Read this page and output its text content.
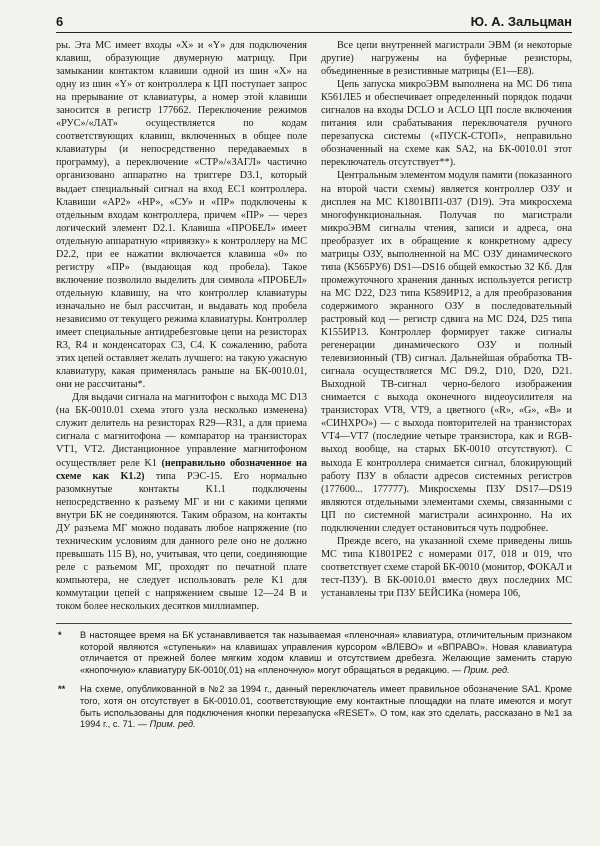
6	Ю. А. Зальцман

ры. Эта МС имеет входы «X» и «Y» для подключения клавиш, образующие двумерную матрицу. При замыкании контактом клавиши одной из шин «X» на одну из шин «Y» от контроллера к ЦП поступает запрос на прерывание от клавиатуры, а номер этой клавиши заносится в регистр 177662. Переключение режимов «РУС»/«ЛАТ» осуществляется по кодам соответствующих клавиш, включенных в общее поле клавиатуры (и непосредственно передаваемых в программу), а переключение «СТР»/«ЗАГЛ» частично организовано аппаратно на триггере D3.1, который выдает специальный сигнал на вход ЕС1 контроллера. Клавиши «АР2» «НР», «СУ» и «ПР» подключены к отдельным входам контроллера, причем «ПР» — через логический элемент D2.1. Клавиша «ПРОБЕЛ» имеет отдельную аппаратную «привязку» к контроллеру на МС D2.2, при ее нажатии включается клавиша «0» по регистру «ПР» (выдающая код пробела). Такое включение позволило выделить для символа «ПРОБЕЛ» отдельную клавишу, на что контроллер клавиатуры изначально не был рассчитан, и выдавать код пробела независимо от текущего режима клавиатуры. Контроллер имеет специальные антидребезговые цепи на резисторах R3, R4 и конденсаторах C3, C4. К сожалению, работа этих цепей оставляет желать лучшего: на такую ужасную клавиатуру, какая применялась раньше на БК-0010.01, они не рассчитаны*.

Для выдачи сигнала на магнитофон с выхода МС D13 (на БК-0010.01 схема этого узла несколько изменена) служит делитель на резисторах R29—R31, а для приема сигнала с магнитофона — компаратор на транзисторах VT1, VT2. Дистанционное управление магнитофоном осуществляет реле K1 (неправильно обозначенное на схеме как K1.2) типа РЭС-15. Его нормально разомкнутые контакты K1.1 подключены непосредственно к разъему МГ и ни с какими цепями внутри БК не соединяются. Таким образом, на контакты ДУ разъема МГ можно подавать любое напряжение (по техническим условиям для данного реле оно не должно превышать 115 В), но, учитывая, что цепи, соединяющие реле с разъемом МГ, проходят по печатной плате компьютера, не следует использовать реле K1 для коммутации цепей с напряжением свыше 12—24 В и током более нескольких десятков миллиампер.

Все цепи внутренней магистрали ЭВМ (и некоторые другие) нагружены на буферные резисторы, объединенные в резистивные матрицы (E1—E8).

Цепь запуска микроЭВМ выполнена на МС D6 типа К561ЛЕ5 и обеспечивает определенный порядок подачи сигналов на входы DCLO и ACLO ЦП после включения питания или срабатывания переключателя ручного перезапуска системы («ПУСК-СТОП», неправильно обозначенный на схеме как SA2, на БК-0010.01 этот переключатель отсутствует**).

Центральным элементом модуля памяти (показанного на второй части схемы) является контроллер ОЗУ и дисплея на МС К1801ВП1-037 (D19). Эта микросхема многофункциональная. Получая по магистрали микроЭВМ сигналы чтения, записи и адреса, она преобразует их в обращение к конкретному адресу матрицы ОЗУ, выполненной на МС ОЗУ динамического типа (К565РУ6) DS1—DS16 общей емкостью 32 Кб. Для промежуточного хранения данных используется регистр на МС D22, D23 типа К589ИР12, а для преобразования содержимого экранного ОЗУ в последовательный растровый код — регистр сдвига на МС D24, D25 типа К155ИР13. Контроллер формирует также сигналы регенерации динамического ОЗУ и полный телевизионный (ТВ) сигнал. Дальнейшая обработка ТВ-сигнала осуществляется МС D9.2, D10, D20, D21. Выходной ТВ-сигнал черно-белого изображения снимается с выхода оконечного видеоусилителя на транзисторах VT8, VT9, а цветного («R», «G», «B» и «СИНХРО») — с выхода повторителей на транзисторах VT4—VT7 (последние четыре транзистора, как и RGB-выход вообще, на старых БК-0010 отсутствуют). С выхода Е контроллера снимается сигнал, блокирующий работу ПЗУ в области адресов системных регистров (177600... 177777). Микросхемы ПЗУ DS17—DS19 являются отдельными элементами схемы, связанными с ЦП по системной магистрали асинхронно. На их подключении следует остановиться чуть подробнее.

Прежде всего, на указанной схеме приведены лишь МС типа К1801РЕ2 с номерами 017, 018 и 019, что соответствует схеме старой БК-0010 (монитор, ФОКАЛ и тест-ПЗУ). В БК-0010.01 вместо двух последних МС устанавлены три ПЗУ БЕЙСИКа (номера 106,

*	В настоящее время на БК устанавливается так называемая «пленочная» клавиатура, отличительным признаком которой являются «ступеньки» на клавишах управления курсором «ВЛЕВО» и «ВПРАВО». Новая клавиатура отличается от прежней более мягким ходом клавиш и отсутствием дребезга. Желающие заменить старую «кнопочную» клавиатуру БК-0010(.01) на «пленочную» могут обращаться в редакцию. — Прим. ред.
**	На схеме, опубликованной в №2 за 1994 г., данный переключатель имеет правильное обозначение SA1. Кроме того, хотя он отсутствует в БК-0010.01, соответствующие ему контактные площадки на плате имеются и могут быть использованы для подключения кнопки перезапуска «RESET». О том, как это сделать, рассказано в №1 за 1994 г., с. 71. — Прим. ред.
